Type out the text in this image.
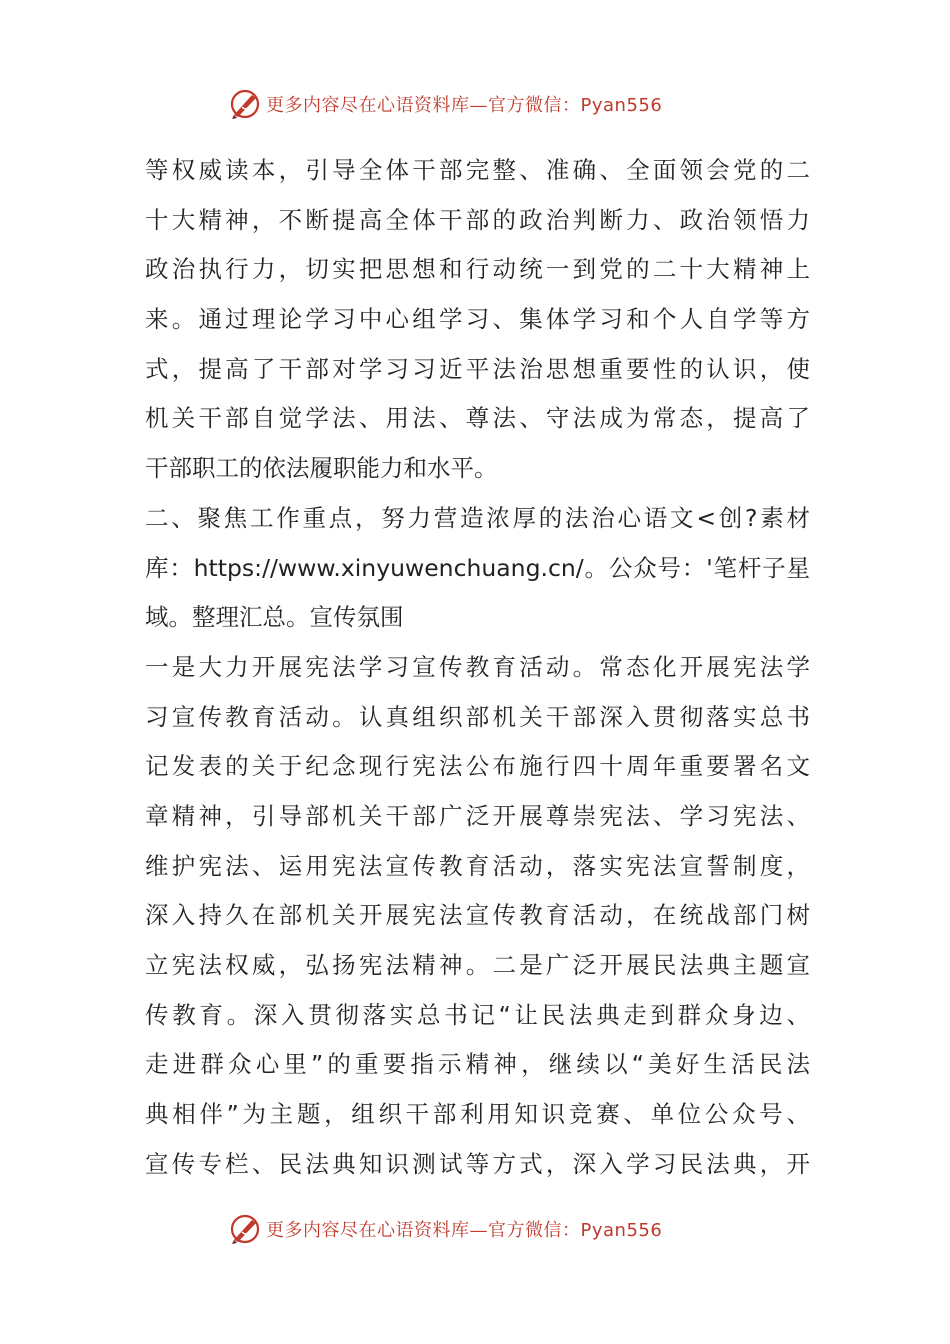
更多内容尽在心语资料库—官方微信：Pyan556
等权威读本，引导全体干部完整、准确、全面领会党的二
十大精神，不断提高全体干部的政治判断力、政治领悟力
政治执行力，切实把思想和行动统一到党的二十大精神上
来。通过理论学习中心组学习、集体学习和个人自学等方
式，提高了干部对学习习近平法治思想重要性的认识，使
机关干部自觉学法、用法、尊法、守法成为常态，提高了
干部职工的依法履职能力和水平。
二、聚焦工作重点，努力营造浓厚的法治心语文<创?素材
库：https://www.xinyuwenchuang.cn/。公众号：'笔杆子星
域。整理汇总。宣传氛围
一是大力开展宪法学习宣传教育活动。常态化开展宪法学
习宣传教育活动。认真组织部机关干部深入贯彻落实总书
记发表的关于纪念现行宪法公布施行四十周年重要署名文
章精神，引导部机关干部广泛开展尊崇宪法、学习宪法、
维护宪法、运用宪法宣传教育活动，落实宪法宣誓制度，
深入持久在部机关开展宪法宣传教育活动，在统战部门树
立宪法权威，弘扬宪法精神。二是广泛开展民法典主题宣
传教育。深入贯彻落实总书记“让民法典走到群众身边、
走进群众心里”的重要指示精神，继续以“美好生活民法
典相伴”为主题，组织干部利用知识竞赛、单位公众号、
宣传专栏、民法典知识测试等方式，深入学习民法典，开
更多内容尽在心语资料库—官方微信：Pyan556
